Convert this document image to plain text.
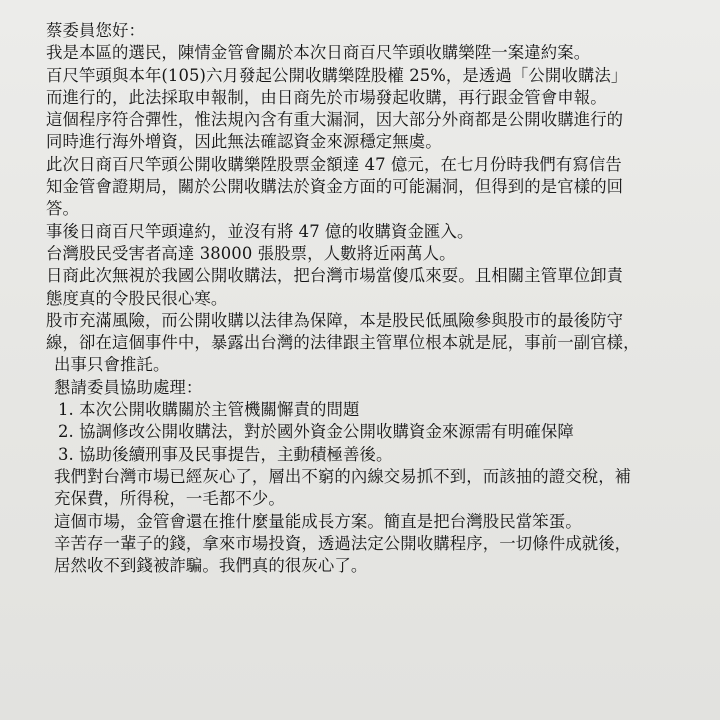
蔡委員您好：
我是本區的選民，陳情金管會關於本次日商百尺竿頭收購樂陞一案違約案。
百尺竿頭與本年(105)六月發起公開收購樂陞股權 25%，是透過「公開收購法」
而進行的，此法採取申報制，由日商先於市場發起收購，再行跟金管會申報。
這個程序符合彈性，惟法規內含有重大漏洞，因大部分外商都是公開收購進行的
同時進行海外增資，因此無法確認資金來源穩定無虞。
此次日商百尺竿頭公開收購樂陞股票金額達 47 億元，在七月份時我們有寫信告
知金管會證期局，關於公開收購法於資金方面的可能漏洞，但得到的是官樣的回
答。
事後日商百尺竿頭違約，並沒有將 47 億的收購資金匯入。
台灣股民受害者高達 38000 張股票，人數將近兩萬人。
日商此次無視於我國公開收購法，把台灣市場當傻瓜來耍。且相關主管單位卸責
態度真的令股民很心寒。
股市充滿風險，而公開收購以法律為保障，本是股民低風險參與股市的最後防守
線，卻在這個事件中，暴露出台灣的法律跟主管單位根本就是屁，事前一副官樣，
出事只會推託。
懇請委員協助處理：
1. 本次公開收購關於主管機關懈責的問題
2. 協調修改公開收購法，對於國外資金公開收購資金來源需有明確保障
3. 協助後續刑事及民事提告，主動積極善後。
我們對台灣市場已經灰心了，層出不窮的內線交易抓不到，而該抽的證交稅，補
充保費，所得稅，一毛都不少。
這個市場，金管會還在推什麼量能成長方案。簡直是把台灣股民當笨蛋。
辛苦存一輩子的錢，拿來市場投資，透過法定公開收購程序，一切條件成就後，
居然收不到錢被詐騙。我們真的很灰心了。
